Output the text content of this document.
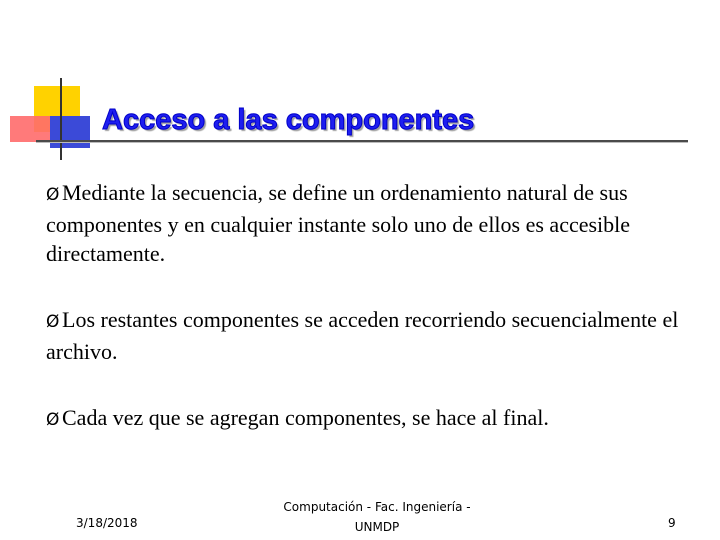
Acceso a las componentes

Ø Mediante la secuencia, se define un ordenamiento natural de sus componentes y en cualquier instante solo uno de ellos es accesible directamente.

Ø Los restantes componentes se acceden recorriendo secuencialmente el archivo.

Ø Cada vez que se agregan componentes, se hace al final.

3/18/2018
Computación - Fac. Ingeniería -
UNMDP	9
